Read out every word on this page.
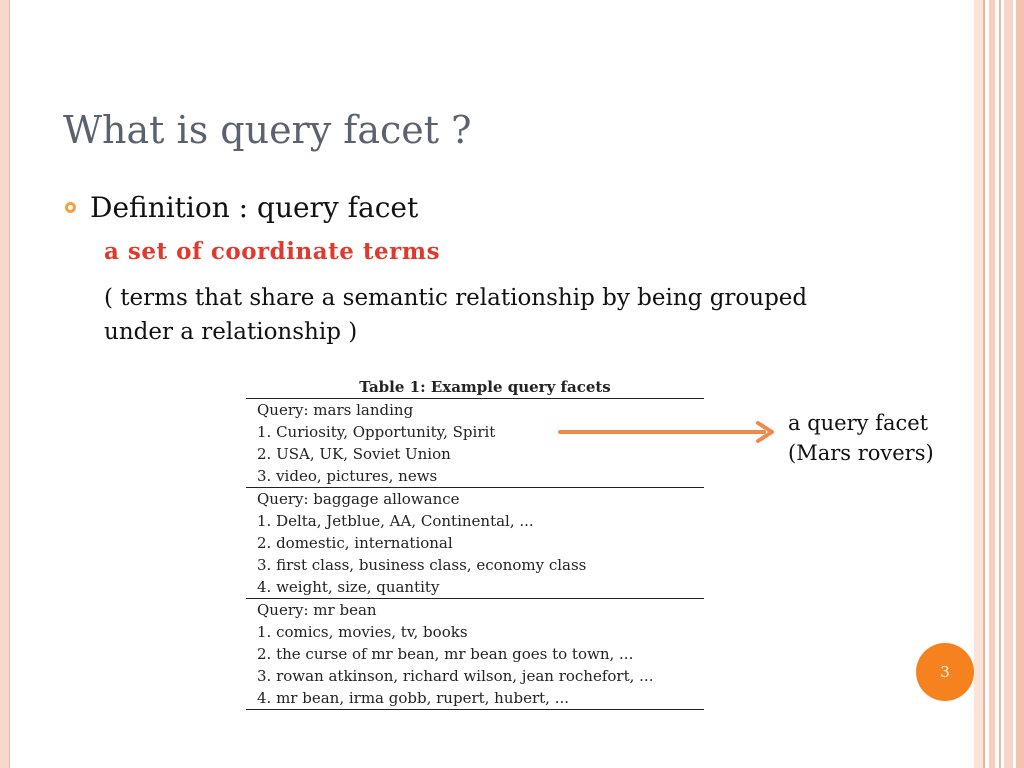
What is query facet ?
Definition : query facet
a set of coordinate terms
( terms that share a semantic relationship by being grouped under a relationship )
Table 1: Example query facets
Query: mars landing
1. Curiosity, Opportunity, Spirit
2. USA, UK, Soviet Union
3. video, pictures, news
Query: baggage allowance
1. Delta, Jetblue, AA, Continental, ...
2. domestic, international
3. first class, business class, economy class
4. weight, size, quantity
Query: mr bean
1. comics, movies, tv, books
2. the curse of mr bean, mr bean goes to town, ...
3. rowan atkinson, richard wilson, jean rochefort, ...
4. mr bean, irma gobb, rupert, hubert, ...
a query facet
(Mars rovers)
3
